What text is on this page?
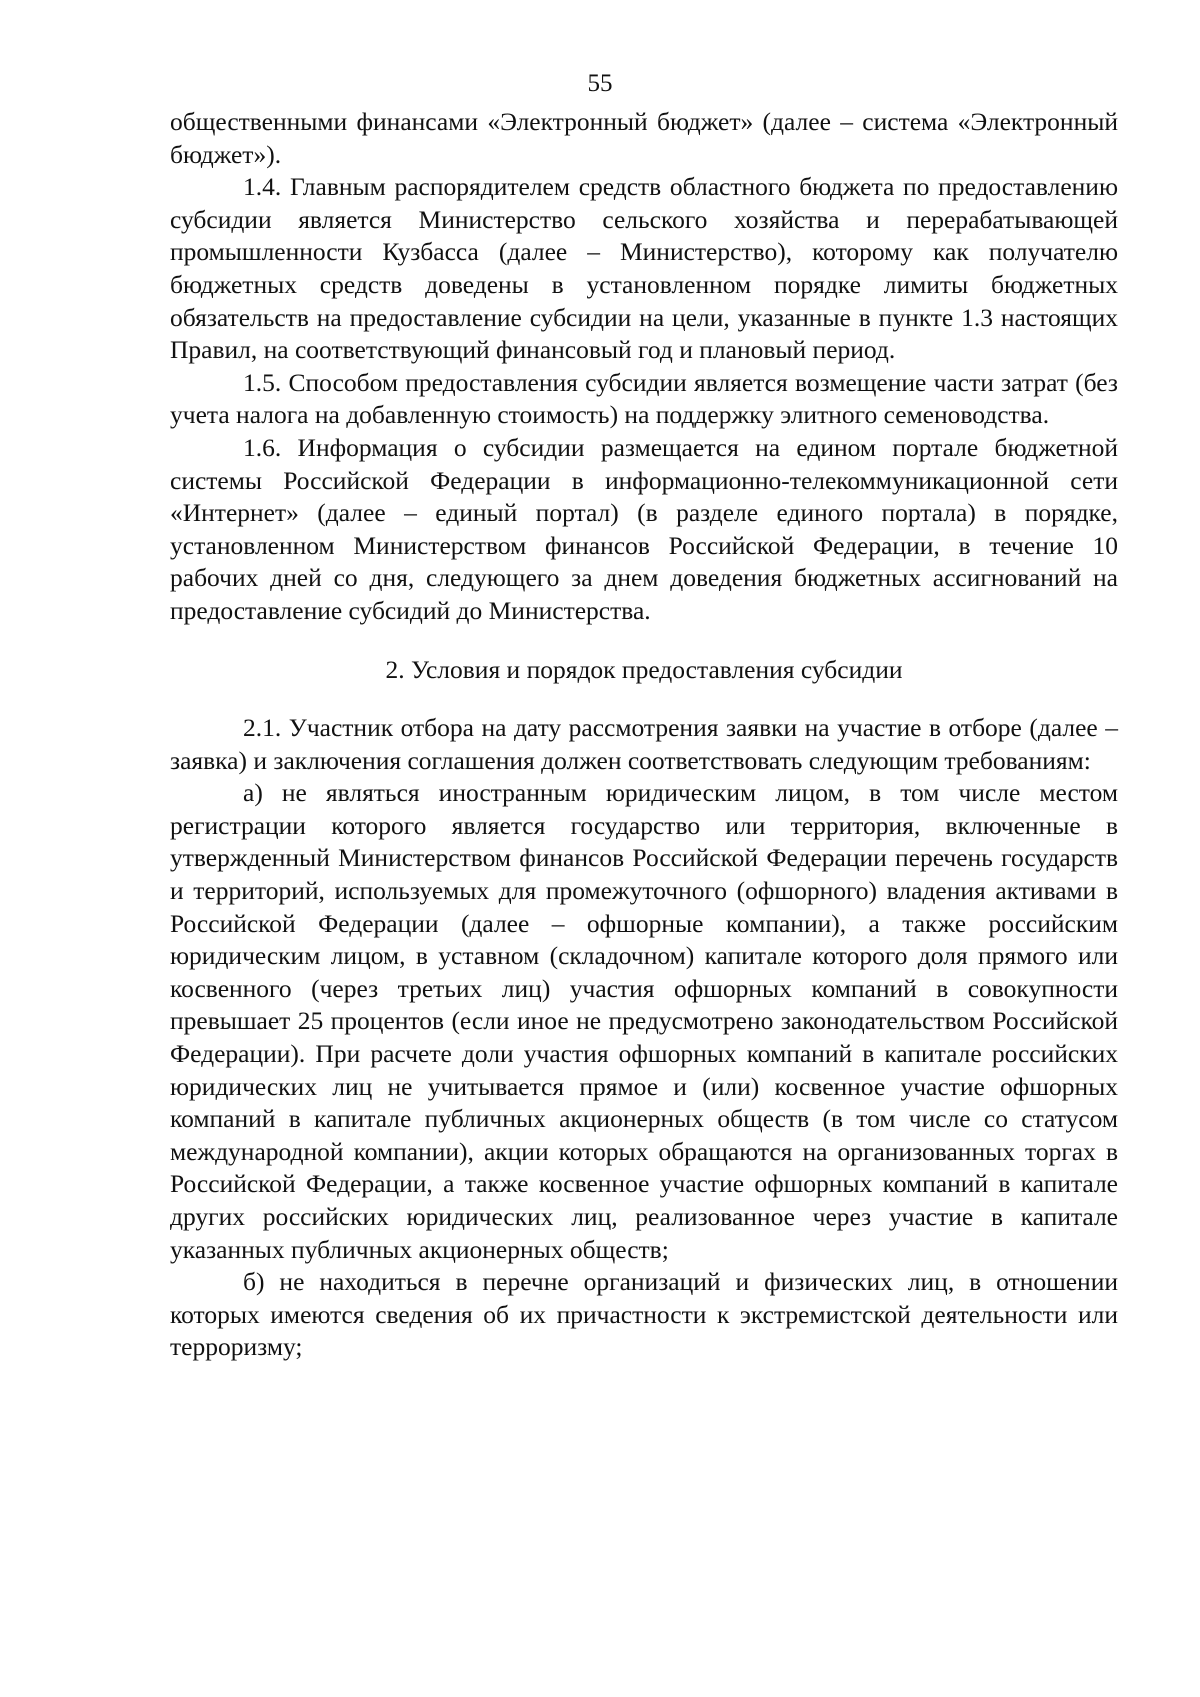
55

общественными финансами «Электронный бюджет» (далее – система «Электронный бюджет»).

1.4. Главным распорядителем средств областного бюджета по предоставлению субсидии является Министерство сельского хозяйства и перерабатывающей промышленности Кузбасса (далее – Министерство), которому как получателю бюджетных средств доведены в установленном порядке лимиты бюджетных обязательств на предоставление субсидии на цели, указанные в пункте 1.3 настоящих Правил, на соответствующий финансовый год и плановый период.

1.5. Способом предоставления субсидии является возмещение части затрат (без учета налога на добавленную стоимость) на поддержку элитного семеноводства.

1.6. Информация о субсидии размещается на едином портале бюджетной системы Российской Федерации в информационно-телекоммуникационной сети «Интернет» (далее – единый портал) (в разделе единого портала) в порядке, установленном Министерством финансов Российской Федерации, в течение 10 рабочих дней со дня, следующего за днем доведения бюджетных ассигнований на предоставление субсидий до Министерства.

2. Условия и порядок предоставления субсидии

2.1. Участник отбора на дату рассмотрения заявки на участие в отборе (далее – заявка) и заключения соглашения должен соответствовать следующим требованиям:

а) не являться иностранным юридическим лицом, в том числе местом регистрации которого является государство или территория, включенные в утвержденный Министерством финансов Российской Федерации перечень государств и территорий, используемых для промежуточного (офшорного) владения активами в Российской Федерации (далее – офшорные компании), а также российским юридическим лицом, в уставном (складочном) капитале которого доля прямого или косвенного (через третьих лиц) участия офшорных компаний в совокупности превышает 25 процентов (если иное не предусмотрено законодательством Российской Федерации). При расчете доли участия офшорных компаний в капитале российских юридических лиц не учитывается прямое и (или) косвенное участие офшорных компаний в капитале публичных акционерных обществ (в том числе со статусом международной компании), акции которых обращаются на организованных торгах в Российской Федерации, а также косвенное участие офшорных компаний в капитале других российских юридических лиц, реализованное через участие в капитале указанных публичных акционерных обществ;

б) не находиться в перечне организаций и физических лиц, в отношении которых имеются сведения об их причастности к экстремистской деятельности или терроризму;
